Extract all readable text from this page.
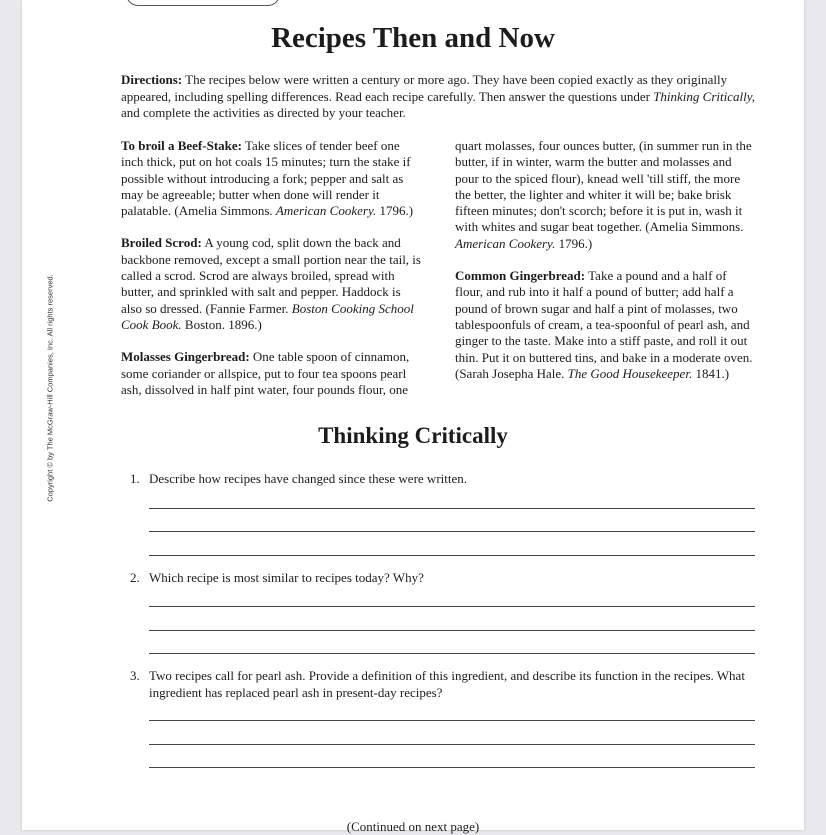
Copyright © by The McGraw-Hill Companies, Inc. All rights reserved.
Recipes Then and Now

Directions: The recipes below were written a century or more ago. They have been copied exactly as they originally appeared, including spelling differences. Read each recipe carefully. Then answer the questions under Thinking Critically, and complete the activities as directed by your teacher.

To broil a Beef-Stake: Take slices of tender beef one inch thick, put on hot coals 15 minutes; turn the stake if possible without introducing a fork; pepper and salt as may be agreeable; butter when done will render it palatable. (Amelia Simmons. American Cookery. 1796.)

Broiled Scrod: A young cod, split down the back and backbone removed, except a small portion near the tail, is called a scrod. Scrod are always broiled, spread with butter, and sprinkled with salt and pepper. Haddock is also so dressed. (Fannie Farmer. Boston Cooking School Cook Book. Boston. 1896.)

Molasses Gingerbread: One table spoon of cinnamon, some coriander or allspice, put to four tea spoons pearl ash, dissolved in half pint water, four pounds flour, one

quart molasses, four ounces butter, (in summer run in the butter, if in winter, warm the butter and molasses and pour to the spiced flour), knead well 'till stiff, the more the better, the lighter and whiter it will be; bake brisk fifteen minutes; don't scorch; before it is put in, wash it with whites and sugar beat together. (Amelia Simmons. American Cookery. 1796.)

Common Gingerbread: Take a pound and a half of flour, and rub into it half a pound of butter; add half a pound of brown sugar and half a pint of molasses, two tablespoonfuls of cream, a tea-spoonful of pearl ash, and ginger to the taste. Make into a stiff paste, and roll it out thin. Put it on buttered tins, and bake in a moderate oven. (Sarah Josepha Hale. The Good Housekeeper. 1841.)

Thinking Critically
1. Describe how recipes have changed since these were written.
2. Which recipe is most similar to recipes today? Why?
3. Two recipes call for pearl ash. Provide a definition of this ingredient, and describe its function in the recipes. What ingredient has replaced pearl ash in present-day recipes?
(Continued on next page)
